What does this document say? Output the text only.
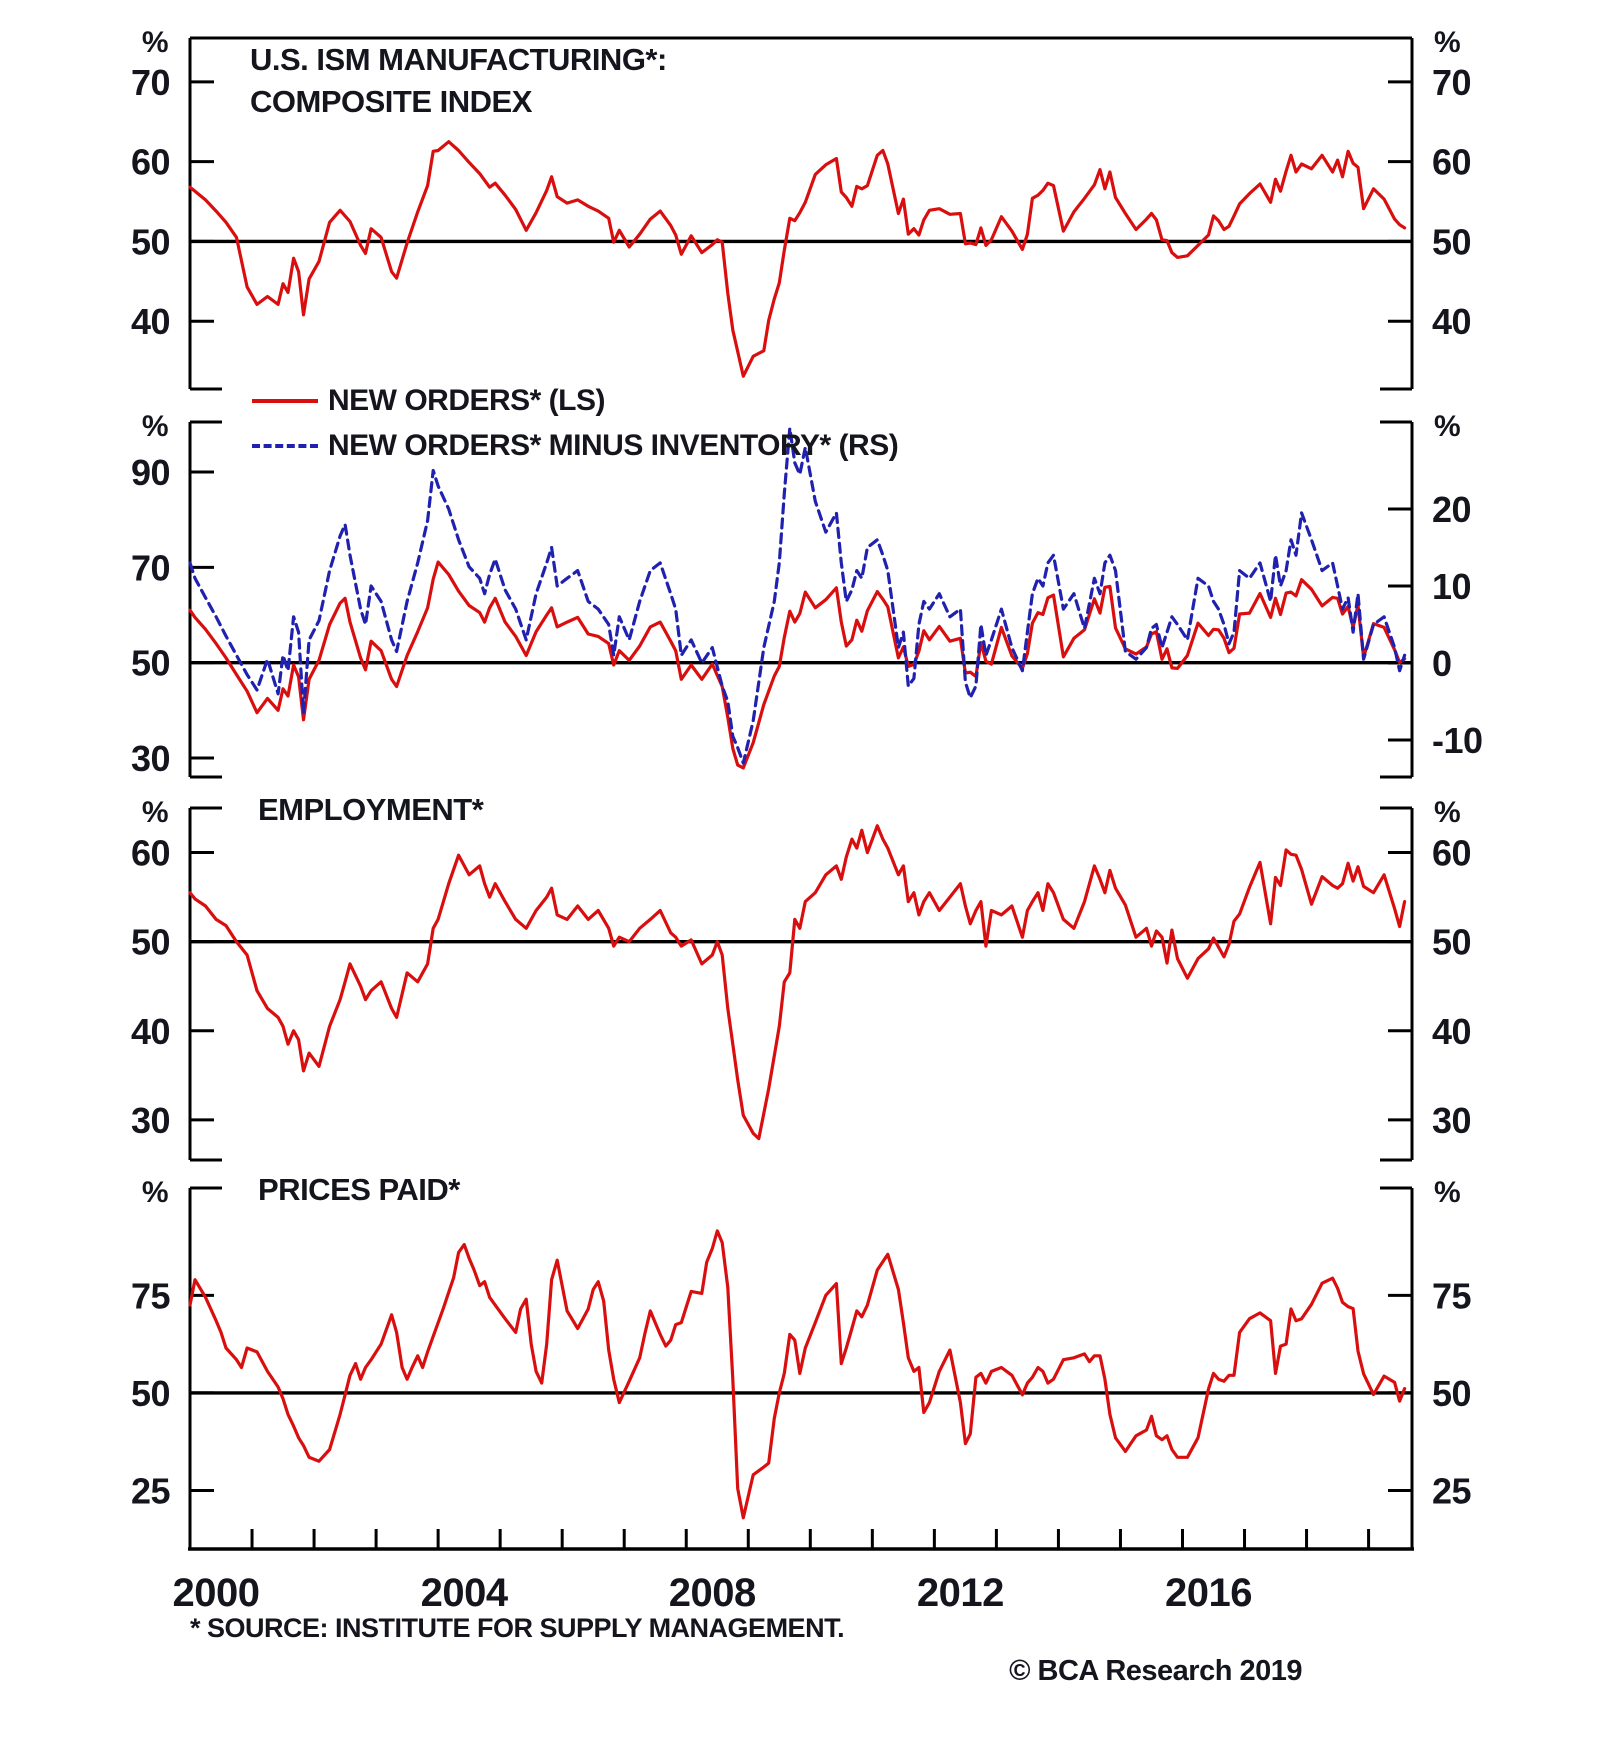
70
60
50
40
70
60
50
40
%	%
90
70
50
30
20
10
0
-10
%	%
60
50
40
30
60
50
40
30
%	%
2000	2004	2008	2012	2016
75
50
25
75
50
25
%	%
U.S. ISM MANUFACTURING*:
COMPOSITE INDEX
NEW ORDERS* (LS)
NEW ORDERS* MINUS INVENTORY* (RS)
EMPLOYMENT*
PRICES PAID*
* SOURCE: INSTITUTE FOR SUPPLY MANAGEMENT.
© BCA Research 2019
